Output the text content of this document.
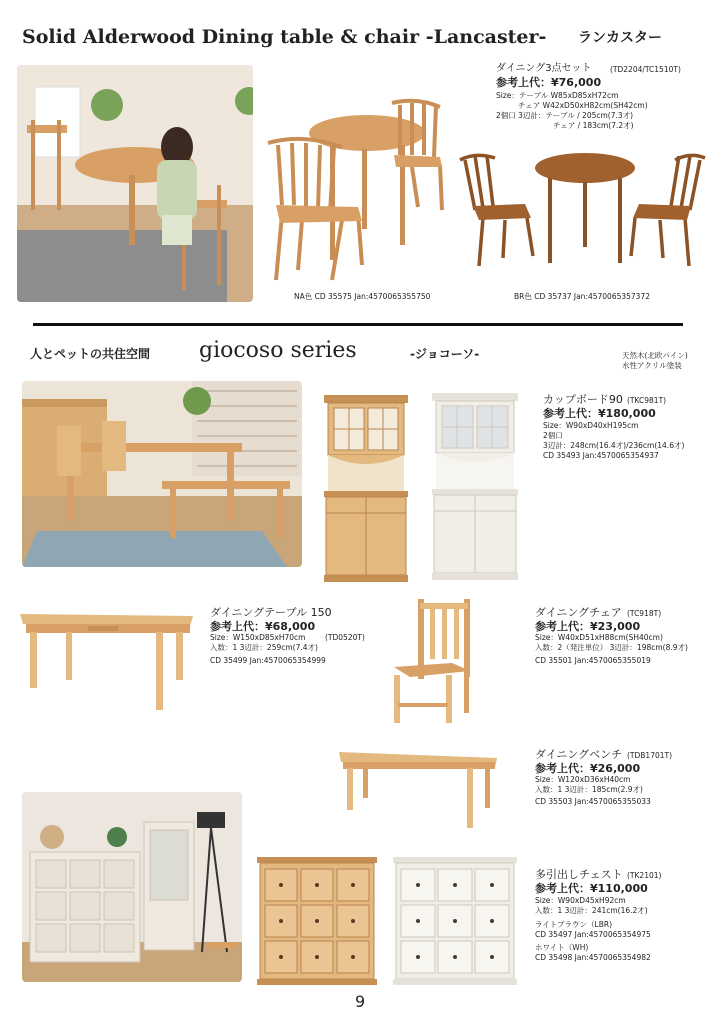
Solid Alderwood Dining table & chair -Lancaster- ランカスター
ダイニング3点セット (TD2204/TC1510T)
参考上代：¥76,000
Size：テーブル W85xD85xH72cm
チェア W42xD50xH82cm(SH42cm)
2個口 3辺計：テーブル / 205cm(7.3才)
チェア / 183cm(7.2才)
NA色 CD 35575 Jan:4570065355750	BR色 CD 35737 Jan:4570065357372
人とペットの共住空間 giocoso series	-ジョコーソ-	天然木(北欧パイン)
水性アクリル塗装
カップボード90 (TKC981T)
参考上代：¥180,000
Size：W90xD40xH195cm
2個口
3辺計：248cm(16.4才)/236cm(14.6才)
CD 35493 Jan:4570065354937
ダイニングテーブル 150
参考上代：¥68,000
Size：W150xD85xH70cm	(TD0520T)
入数：1 3辺計：259cm(7.4才)
CD 35499 Jan:4570065354999
ダイニングチェア (TC918T)
参考上代：¥23,000
Size：W40xD51xH88cm(SH40cm)
入数：2（発注単位） 3辺計：198cm(8.9才)
CD 35501 Jan:4570065355019
ダイニングベンチ (TDB1701T)
参考上代：¥26,000
Size：W120xD36xH40cm
入数：1 3辺計：185cm(2.9才)
CD 35503 Jan:4570065355033
多引出しチェスト (TK2101)
参考上代：¥110,000
Size：W90xD45xH92cm
入数：1 3辺計：241cm(16.2才)
ライトブラウン（LBR)
CD 35497 Jan:4570065354975
ホワイト（WH)
CD 35498 Jan:4570065354982
9
